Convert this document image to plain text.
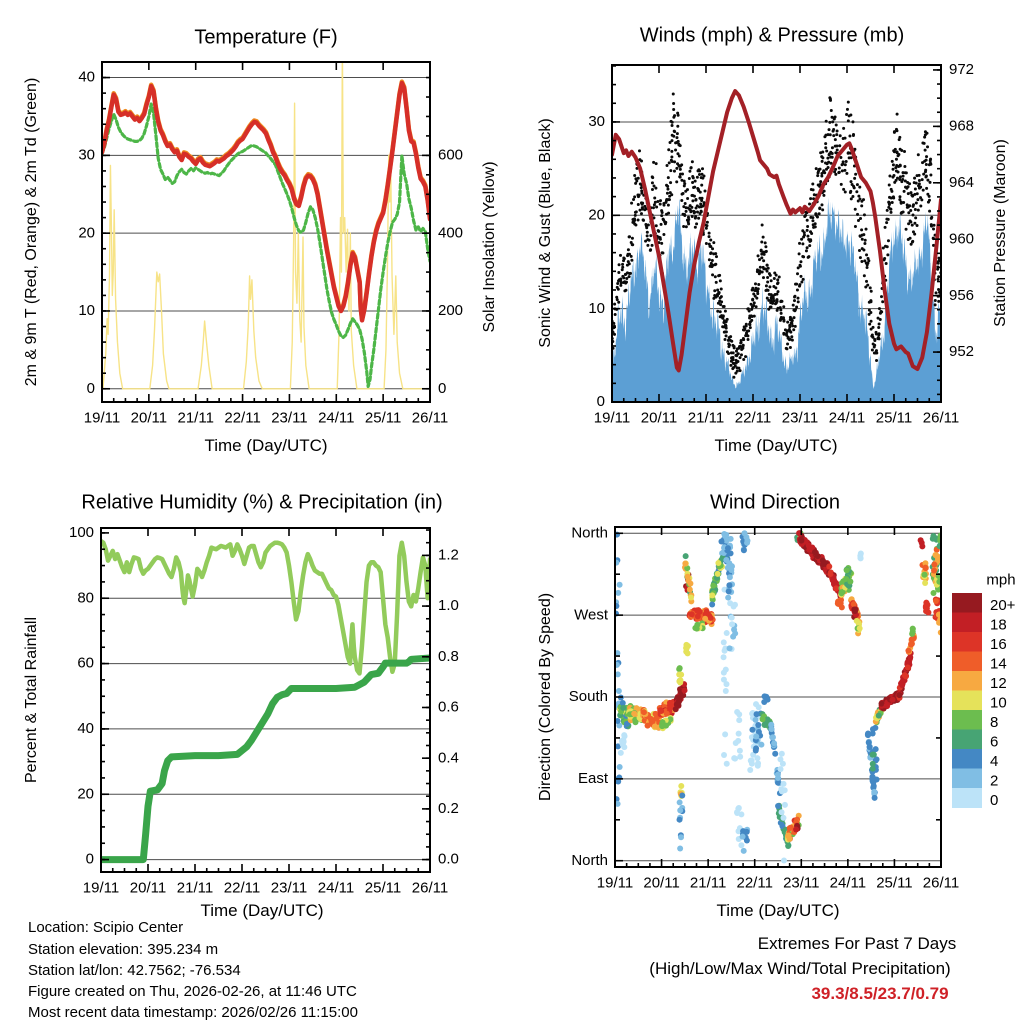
Temperature (F)	Winds (mph) & Pressure (mb)
Relative Humidity (%) & Precipitation (in)	Wind Direction
2m & 9m T (Red, Orange) & 2m Td (Green)	Solar Insolation (Yellow) Sonic Wind & Gust (Blue, Black)	Station Pressure (Maroon)
Percent & Total Rainfall	Direction (Colored By Speed)
Time (Day/UTC)	Time (Day/UTC)
Time (Day/UTC)	Time (Day/UTC)
mph
Location: Scipio Center
Station elevation: 395.234 m
Station lat/lon: 42.7562; -76.534
Figure created on Thu, 2026-02-26, at 11:46 UTC
Most recent data timestamp: 2026/02/26 11:15:00
Extremes For Past 7 Days
(High/Low/Max Wind/Total Precipitation)
39.3/8.5/23.7/0.79
